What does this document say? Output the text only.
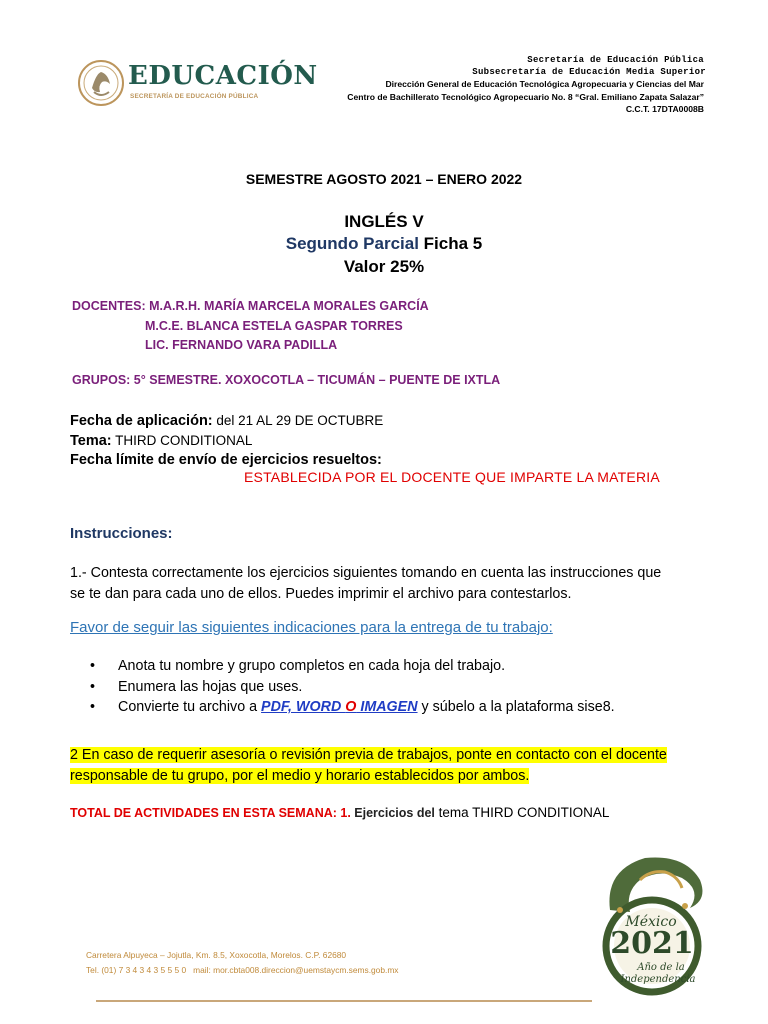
EDUCACIÓN
SECRETARÍA DE EDUCACIÓN PÚBLICA
Secretaría de Educación Pública
Subsecretaría de Educación Media Superior
Dirección General de Educación Tecnológica Agropecuaria y Ciencias del Mar
Centro de Bachillerato Tecnológico Agropecuario No. 8 “Gral. Emiliano Zapata Salazar”
C.C.T. 17DTA0008B
SEMESTRE AGOSTO 2021 – ENERO 2022
INGLÉS V
Segundo Parcial Ficha 5
Valor 25%
DOCENTES: M.A.R.H. MARÍA MARCELA MORALES GARCÍA
M.C.E. BLANCA ESTELA GASPAR TORRES
LIC. FERNANDO VARA PADILLA
GRUPOS: 5° SEMESTRE. XOXOCOTLA – TICUMÁN – PUENTE DE IXTLA
Fecha de aplicación: del 21 AL 29 DE OCTUBRE
Tema: THIRD CONDITIONAL
Fecha límite de envío de ejercicios resueltos:
ESTABLECIDA POR EL DOCENTE QUE IMPARTE LA MATERIA
Instrucciones:
1.- Contesta correctamente los ejercicios siguientes tomando en cuenta las instrucciones que
se te dan para cada uno de ellos. Puedes imprimir el archivo para contestarlos.
Favor de seguir las siguientes indicaciones para la entrega de tu trabajo:
• Anota tu nombre y grupo completos en cada hoja del trabajo.
• Enumera las hojas que uses.
• Convierte tu archivo a PDF, WORD O IMAGEN y súbelo a la plataforma sise8.
2 En caso de requerir asesoría o revisión previa de trabajos, ponte en contacto con el docente
responsable de tu grupo, por el medio y horario establecidos por ambos.
TOTAL DE ACTIVIDADES EN ESTA SEMANA: 1. Ejercicios del tema THIRD CONDITIONAL
México
2021
Año de la
Independencia
Carretera Alpuyeca – Jojutla, Km. 8.5, Xoxocotla, Morelos. C.P. 62680
Tel. (01) 7 3 4 3 4 3 5 5 5 0 mail: mor.cbta008.direccion@uemstaycm.sems.gob.mx
